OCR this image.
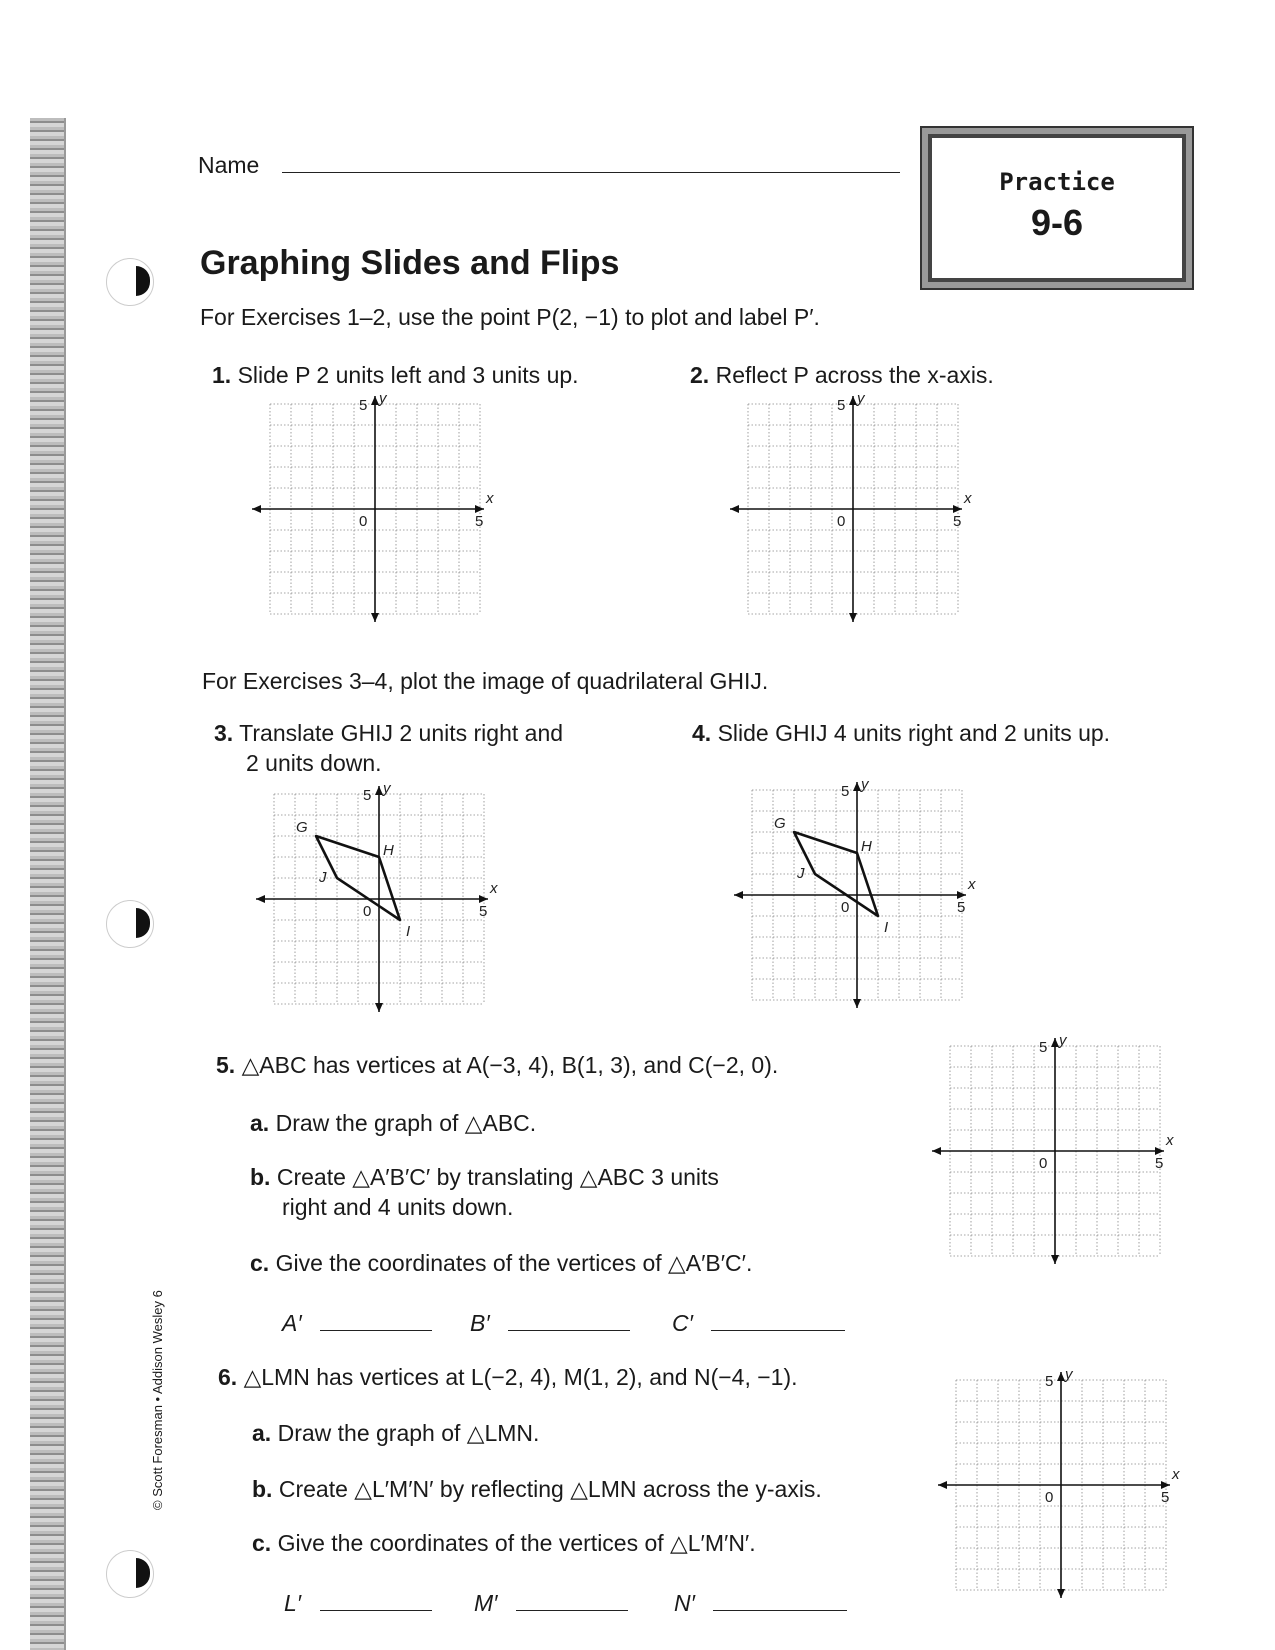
Name
Practice
9-6
Graphing Slides and Flips
For Exercises 1–2, use the point P(2, −1) to plot and label P′.
1. Slide P 2 units left and 3 units up.	2. Reflect P across the x-axis.
5 y
5
x
0
5 y
5
x
0
For Exercises 3–4, plot the image of quadrilateral GHIJ.
3. Translate GHIJ 2 units right and
2 units down.
4. Slide GHIJ 4 units right and 2 units up.
5 y
5
x
0
G
H
I
J
5 y
5
x
0
G
H
I
J
5. △ABC has vertices at A(−3, 4), B(1, 3), and C(−2, 0).
a. Draw the graph of △ABC.
b. Create △A′B′C′ by translating △ABC 3 units
right and 4 units down.
c. Give the coordinates of the vertices of △A′B′C′.
A′	B′	C′
5 y
5
x
0
6. △LMN has vertices at L(−2, 4), M(1, 2), and N(−4, −1).
a. Draw the graph of △LMN.
b. Create △L′M′N′ by reflecting △LMN across the y-axis.
c. Give the coordinates of the vertices of △L′M′N′.
L′	M′	N′
5 y
5
x
0
© Scott Foresman • Addison Wesley 6
